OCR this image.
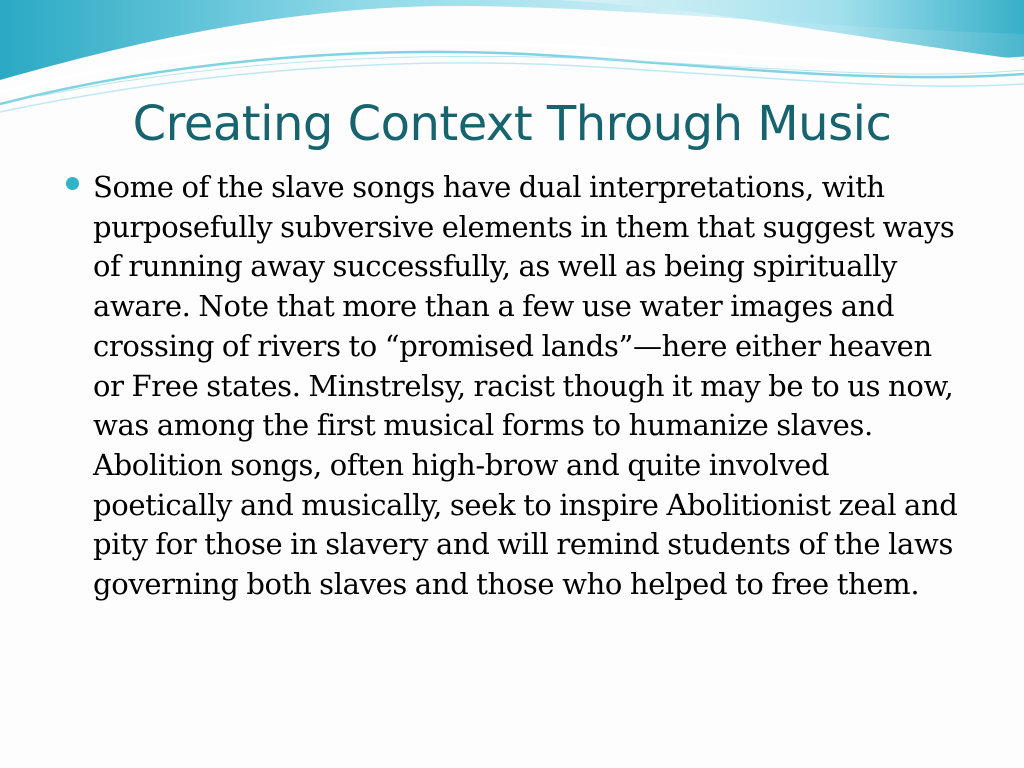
Creating Context Through Music

Some of the slave songs have dual interpretations, with purposefully subversive elements in them that suggest ways of running away successfully, as well as being spiritually aware. Note that more than a few use water images and crossing of rivers to “promised lands”—here either heaven or Free states. Minstrelsy, racist though it may be to us now, was among the first musical forms to humanize slaves. Abolition songs, often high-brow and quite involved poetically and musically, seek to inspire Abolitionist zeal and pity for those in slavery and will remind students of the laws governing both slaves and those who helped to free them.
